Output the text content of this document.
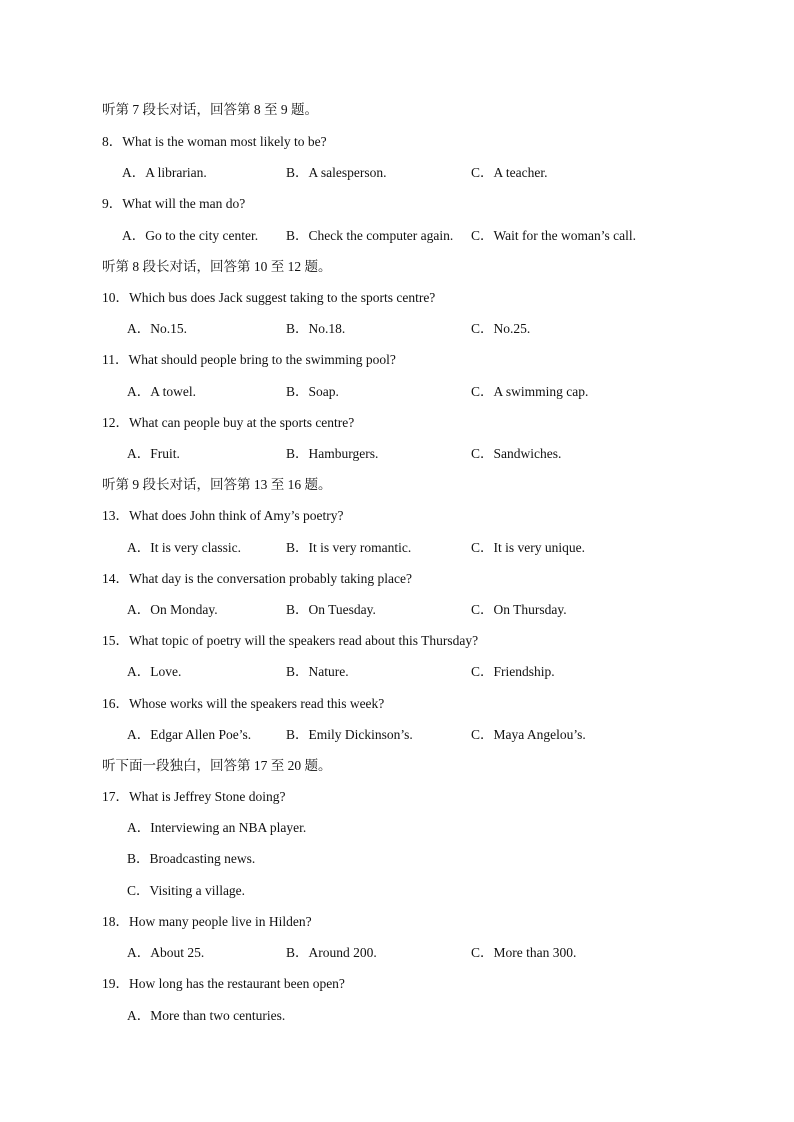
听第 7 段长对话，回答第 8 至 9 题。
8．What is the woman most likely to be?
A．A librarian.	B．A salesperson.	C．A teacher.
9．What will the man do?
A．Go to the city center. B．Check the computer again. C．Wait for the woman’s call.
听第 8 段长对话，回答第 10 至 12 题。
10．Which bus does Jack suggest taking to the sports centre?
A．No.15.	B．No.18.	C．No.25.
11．What should people bring to the swimming pool?
A．A towel.	B．Soap.	C．A swimming cap.
12．What can people buy at the sports centre?
A．Fruit.	B．Hamburgers.	C．Sandwiches.
听第 9 段长对话，回答第 13 至 16 题。
13．What does John think of Amy’s poetry?
A．It is very classic.	B．It is very romantic.	C．It is very unique.
14．What day is the conversation probably taking place?
A．On Monday.	B．On Tuesday.	C．On Thursday.
15．What topic of poetry will the speakers read about this Thursday?
A．Love.	B．Nature.	C．Friendship.
16．Whose works will the speakers read this week?
A．Edgar Allen Poe’s.	B．Emily Dickinson’s.	C．Maya Angelou’s.
听下面一段独白，回答第 17 至 20 题。
17．What is Jeffrey Stone doing?
A．Interviewing an NBA player.
B．Broadcasting news.
C．Visiting a village.
18．How many people live in Hilden?
A．About 25.	B．Around 200.	C．More than 300.
19．How long has the restaurant been open?
A．More than two centuries.
